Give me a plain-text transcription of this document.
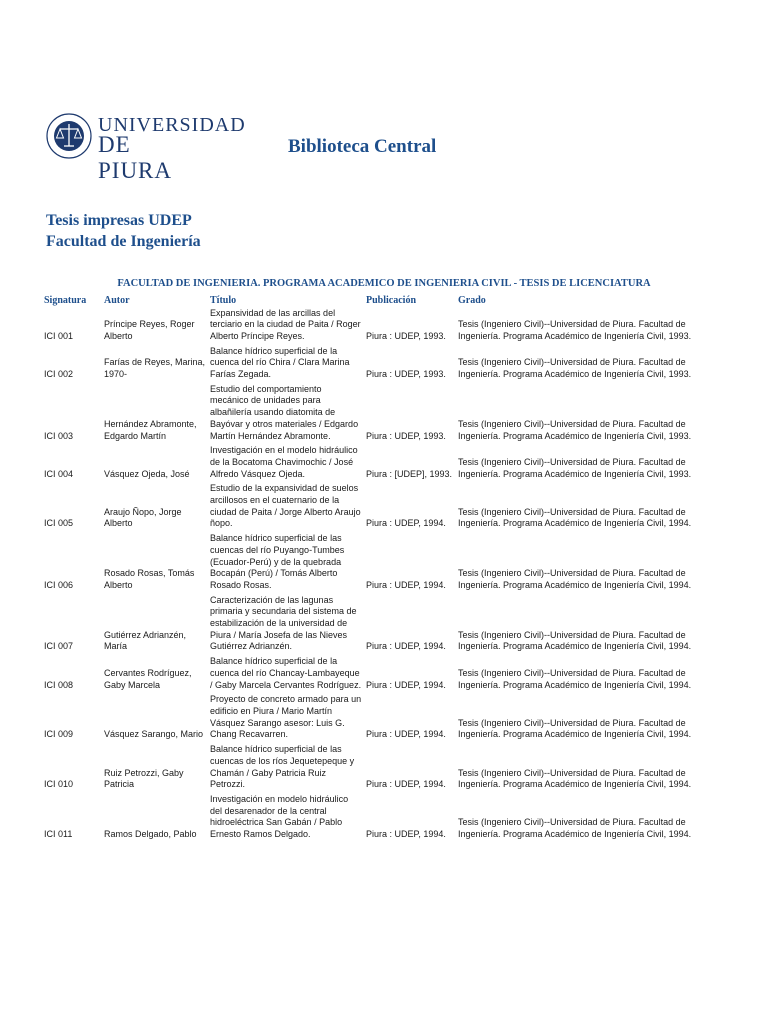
UNIVERSIDAD
DE PIURA
Biblioteca Central
Tesis impresas UDEP
Facultad de Ingeniería
FACULTAD DE INGENIERIA. PROGRAMA ACADEMICO DE INGENIERIA CIVIL - TESIS DE LICENCIATURA
Signatura	Autor	Título	Publicación	Grado
ICI 001	Príncipe Reyes, Roger Alberto	Expansividad de las arcillas del terciario en la ciudad de Paita / Roger Alberto Príncipe Reyes.	Piura : UDEP, 1993.	Tesis (Ingeniero Civil)--Universidad de Piura. Facultad de Ingeniería. Programa Académico de Ingeniería Civil, 1993.
ICI 002	Farías de Reyes, Marina, 1970-	Balance hídrico superficial de la cuenca del río Chira / Clara Marina Farías Zegada.	Piura : UDEP, 1993.	Tesis (Ingeniero Civil)--Universidad de Piura. Facultad de Ingeniería. Programa Académico de Ingeniería Civil, 1993.
ICI 003	Hernández Abramonte, Edgardo Martín	Estudio del comportamiento mecánico de unidades para albañilería usando diatomita de Bayóvar y otros materiales / Edgardo Martín Hernández Abramonte.	Piura : UDEP, 1993.	Tesis (Ingeniero Civil)--Universidad de Piura. Facultad de Ingeniería. Programa Académico de Ingeniería Civil, 1993.
ICI 004	Vásquez Ojeda, José	Investigación en el modelo hidráulico de la Bocatoma Chavimochic / José Alfredo Vásquez Ojeda.	Piura : [UDEP], 1993.	Tesis (Ingeniero Civil)--Universidad de Piura. Facultad de Ingeniería. Programa Académico de Ingeniería Civil, 1993.
ICI 005	Araujo Ñopo, Jorge Alberto	Estudio de la expansividad de suelos arcillosos en el cuaternario de la ciudad de Paita / Jorge Alberto Araujo ñopo.	Piura : UDEP, 1994.	Tesis (Ingeniero Civil)--Universidad de Piura. Facultad de Ingeniería. Programa Académico de Ingeniería Civil, 1994.
ICI 006	Rosado Rosas, Tomás Alberto	Balance hídrico superficial de las cuencas del río Puyango-Tumbes (Ecuador-Perú) y de la quebrada Bocapán (Perú) / Tomás Alberto Rosado Rosas.	Piura : UDEP, 1994.	Tesis (Ingeniero Civil)--Universidad de Piura. Facultad de Ingeniería. Programa Académico de Ingeniería Civil, 1994.
ICI 007	Gutiérrez Adrianzén, María	Caracterización de las lagunas primaria y secundaria del sistema de estabilización de la universidad de Piura / María Josefa de las Nieves Gutiérrez Adrianzén.	Piura : UDEP, 1994.	Tesis (Ingeniero Civil)--Universidad de Piura. Facultad de Ingeniería. Programa Académico de Ingeniería Civil, 1994.
ICI 008	Cervantes Rodríguez, Gaby Marcela	Balance hídrico superficial de la cuenca del río Chancay-Lambayeque / Gaby Marcela Cervantes Rodríguez.	Piura : UDEP, 1994.	Tesis (Ingeniero Civil)--Universidad de Piura. Facultad de Ingeniería. Programa Académico de Ingeniería Civil, 1994.
ICI 009	Vásquez Sarango, Mario	Proyecto de concreto armado para un edificio en Piura / Mario Martín Vásquez Sarango asesor: Luis G. Chang Recavarren.	Piura : UDEP, 1994.	Tesis (Ingeniero Civil)--Universidad de Piura. Facultad de Ingeniería. Programa Académico de Ingeniería Civil, 1994.
ICI 010	Ruiz Petrozzi, Gaby Patricia	Balance hídrico superficial de las cuencas de los ríos Jequetepeque y Chamán / Gaby Patricia Ruiz Petrozzi.	Piura : UDEP, 1994.	Tesis (Ingeniero Civil)--Universidad de Piura. Facultad de Ingeniería. Programa Académico de Ingeniería Civil, 1994.
ICI 011	Ramos Delgado, Pablo	Investigación en modelo hidráulico del desarenador de la central hidroeléctrica San Gabán / Pablo Ernesto Ramos Delgado.	Piura : UDEP, 1994.	Tesis (Ingeniero Civil)--Universidad de Piura. Facultad de Ingeniería. Programa Académico de Ingeniería Civil, 1994.
